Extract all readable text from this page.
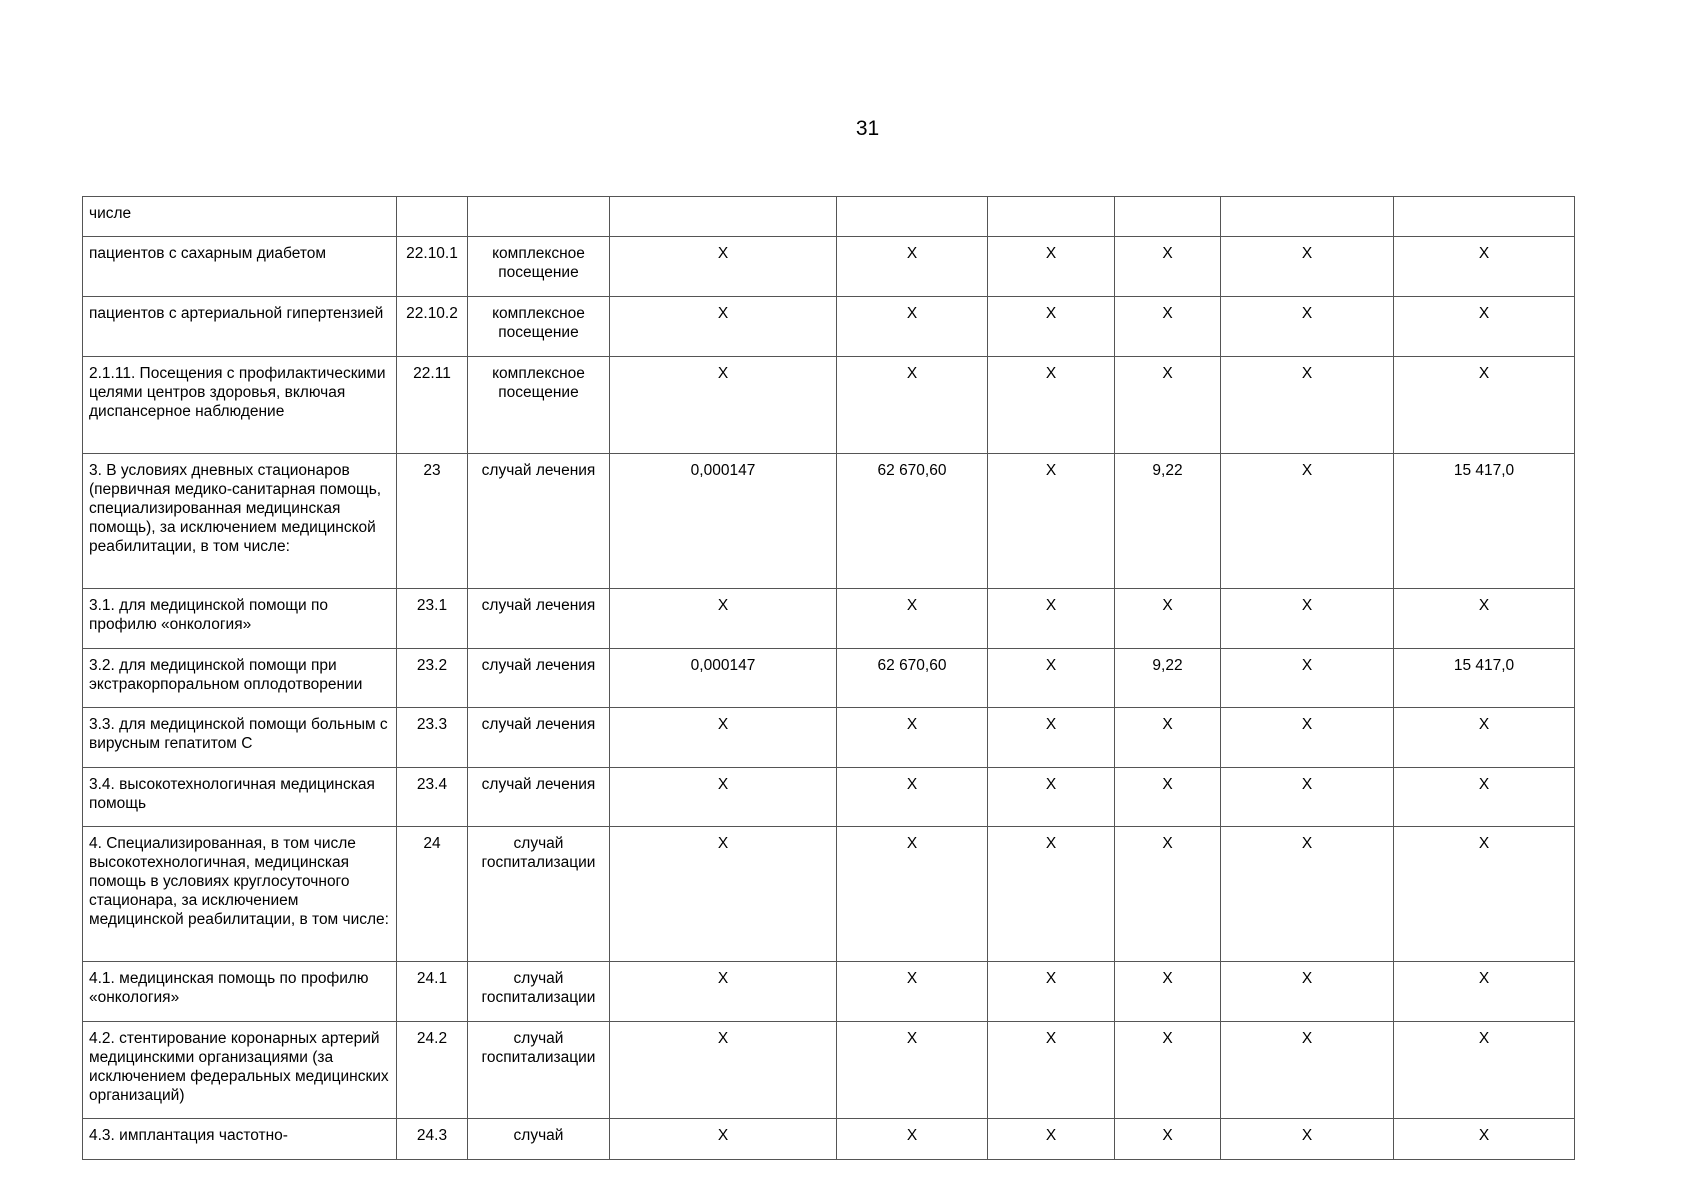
31
числе								
пациентов с сахарным диабетом	22.10.1	комплексное посещение	X	X	X	X	X	X
пациентов с артериальной гипертензией	22.10.2	комплексное посещение	X	X	X	X	X	X
2.1.11. Посещения с профилактическими целями центров здоровья, включая диспансерное наблюдение	22.11	комплексное посещение	X	X	X	X	X	X
3. В условиях дневных стационаров (первичная медико-санитарная помощь, специализированная медицинская помощь), за исключением медицинской реабилитации, в том числе:	23	случай лечения	0,000147	62 670,60	X	9,22	X	15 417,0
3.1. для медицинской помощи по профилю «онкология»	23.1	случай лечения	X	X	X	X	X	X
3.2. для медицинской помощи при экстракорпоральном оплодотворении	23.2	случай лечения	0,000147	62 670,60	X	9,22	X	15 417,0
3.3. для медицинской помощи больным с вирусным гепатитом С	23.3	случай лечения	X	X	X	X	X	X
3.4. высокотехнологичная медицинская помощь	23.4	случай лечения	X	X	X	X	X	X
4. Специализированная, в том числе высокотехнологичная, медицинская помощь в условиях круглосуточного стационара, за исключением медицинской реабилитации, в том числе:	24	случай госпитализации	X	X	X	X	X	X
4.1. медицинская помощь по профилю «онкология»	24.1	случай госпитализации	X	X	X	X	X	X
4.2. стентирование коронарных артерий медицинскими организациями (за исключением федеральных медицинских организаций)	24.2	случай госпитализации	X	X	X	X	X	X
4.3. имплантация частотно-	24.3	случай	X	X	X	X	X	X
